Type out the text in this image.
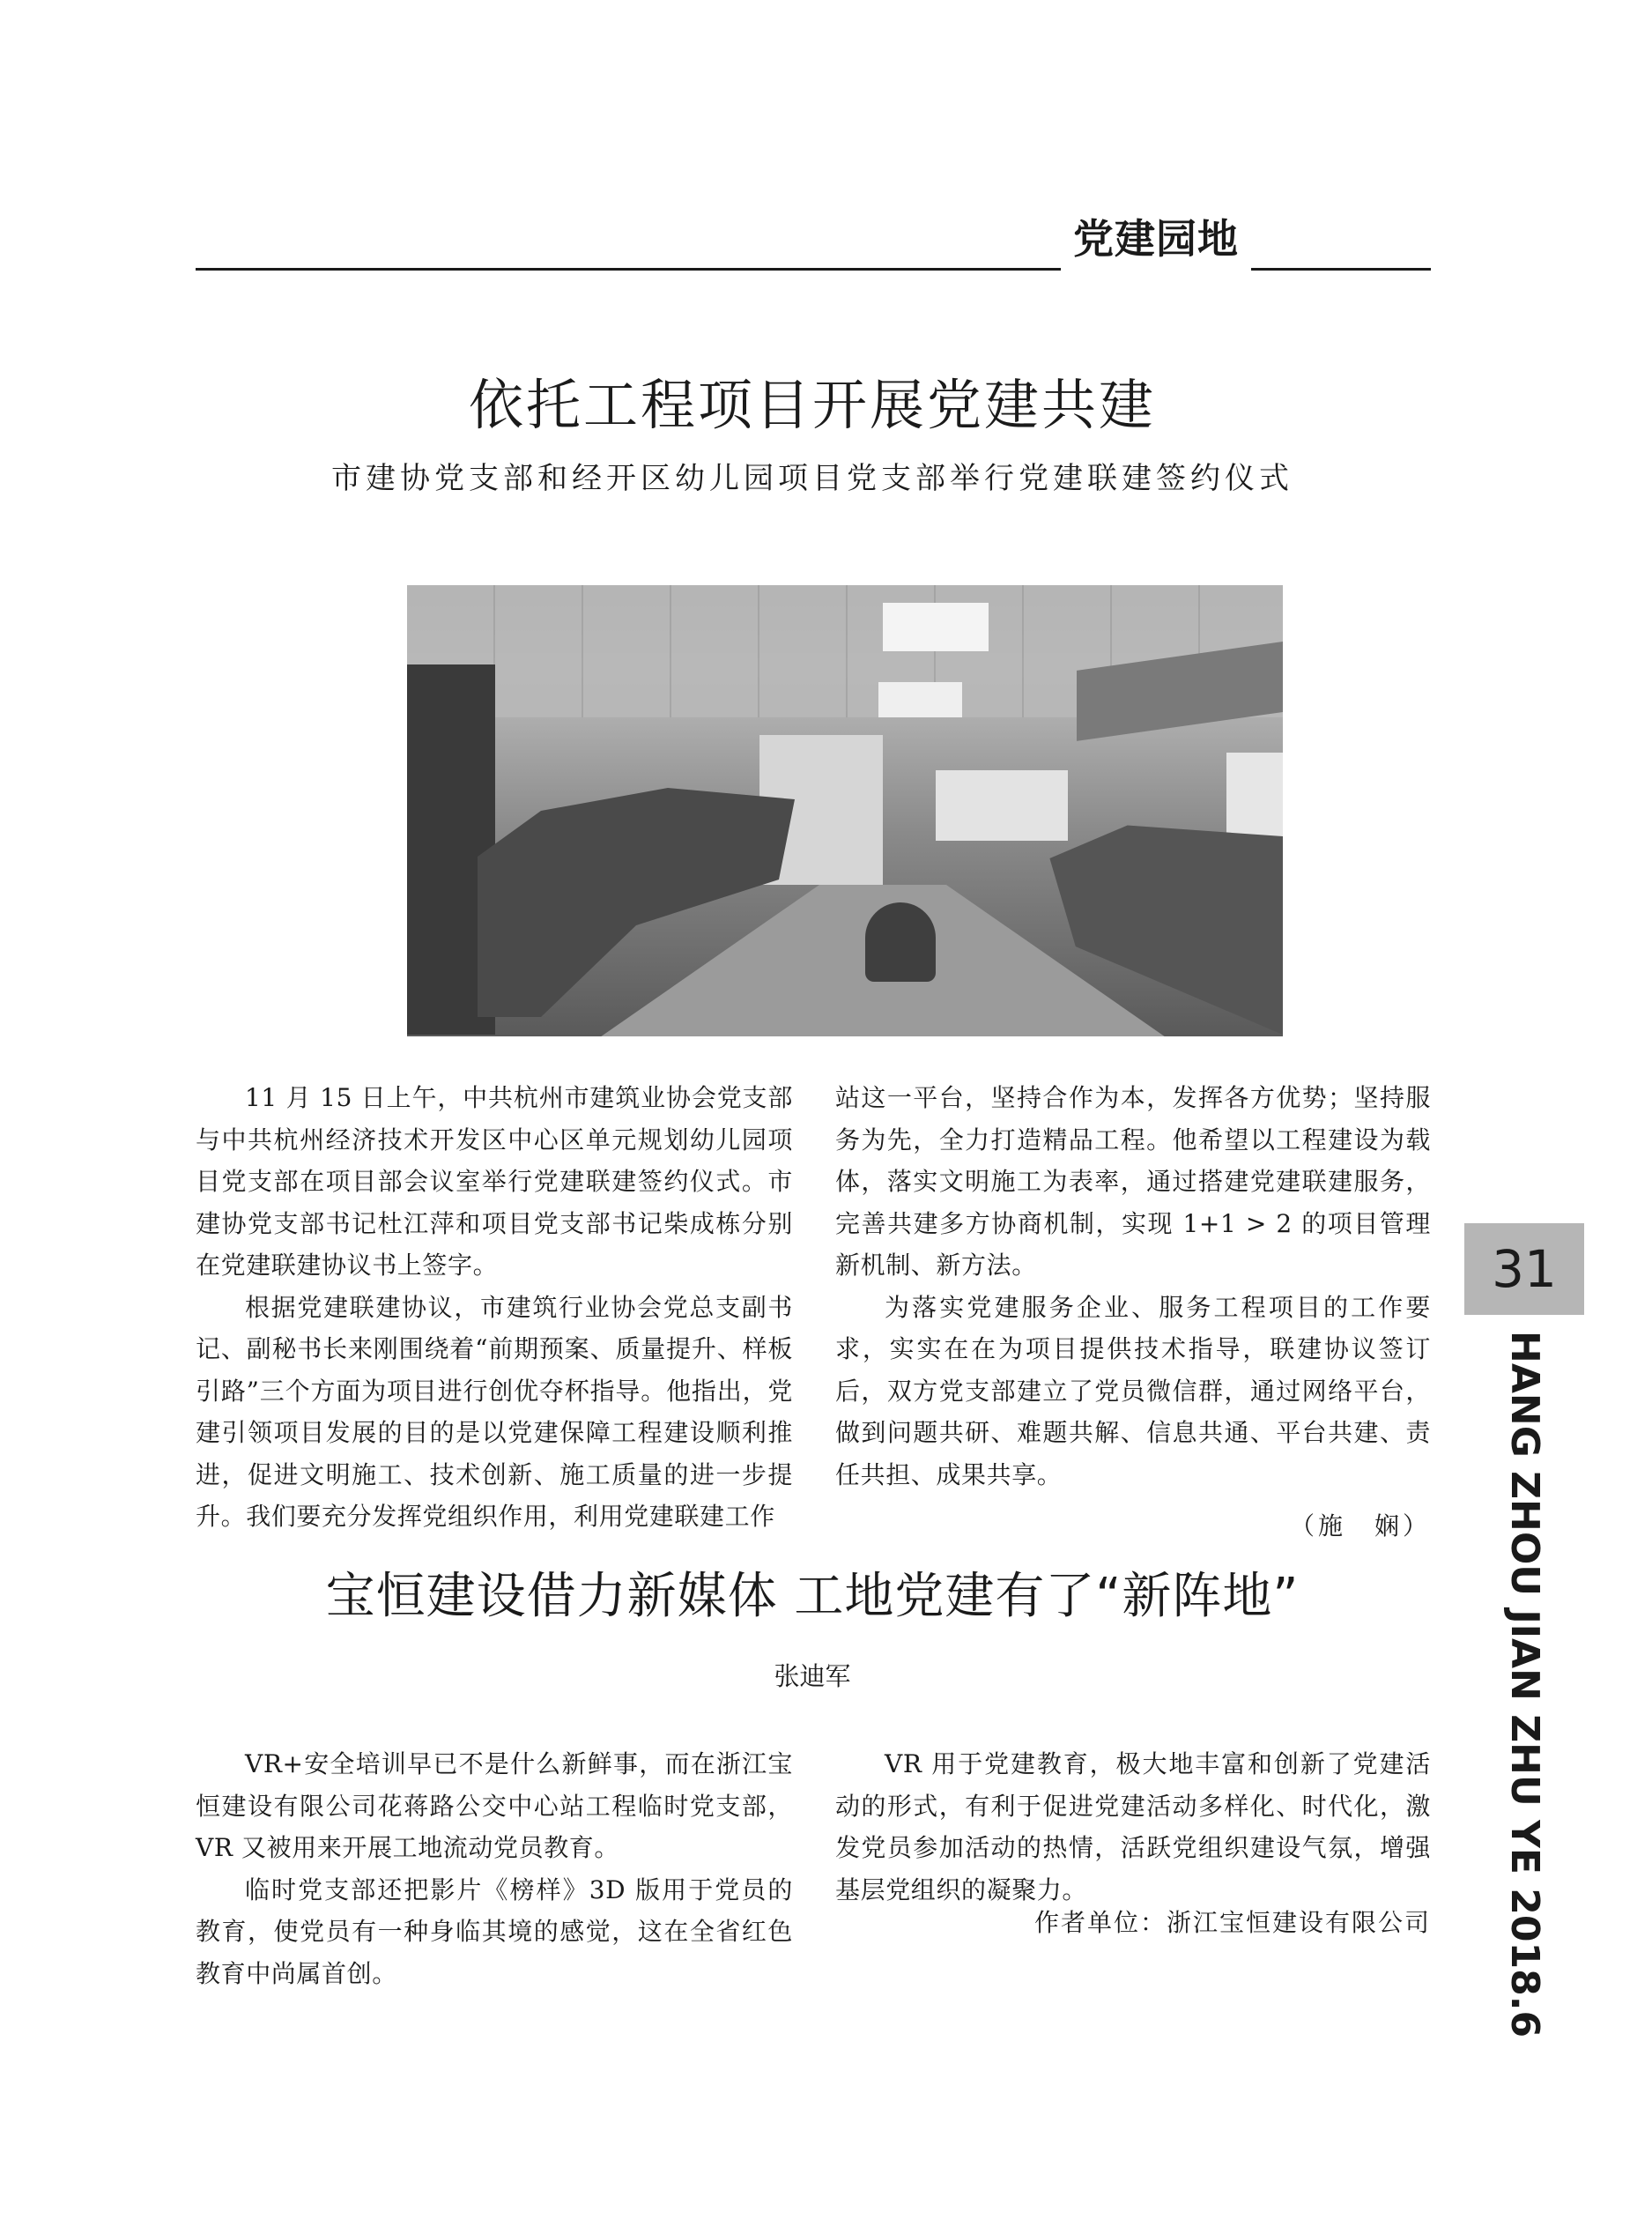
党建园地
依托工程项目开展党建共建
市建协党支部和经开区幼儿园项目党支部举行党建联建签约仪式

11 月 15 日上午，中共杭州市建筑业协会党支部与中共杭州经济技术开发区中心区单元规划幼儿园项目党支部在项目部会议室举行党建联建签约仪式。市建协党支部书记杜江萍和项目党支部书记柴成栋分别在党建联建协议书上签字。

根据党建联建协议，市建筑行业协会党总支副书记、副秘书长来刚围绕着“前期预案、质量提升、样板引路”三个方面为项目进行创优夺杯指导。他指出，党建引领项目发展的目的是以党建保障工程建设顺利推进，促进文明施工、技术创新、施工质量的进一步提升。我们要充分发挥党组织作用，利用党建联建工作

站这一平台，坚持合作为本，发挥各方优势；坚持服务为先，全力打造精品工程。他希望以工程建设为载体，落实文明施工为表率，通过搭建党建联建服务，完善共建多方协商机制，实现 1+1 > 2 的项目管理新机制、新方法。

为落实党建服务企业、服务工程项目的工作要求，实实在在为项目提供技术指导，联建协议签订后，双方党支部建立了党员微信群，通过网络平台，做到问题共研、难题共解、信息共通、平台共建、责任共担、成果共享。

（施　娴）
宝恒建设借力新媒体 工地党建有了“新阵地”
张迪军

VR+安全培训早已不是什么新鲜事，而在浙江宝恒建设有限公司花蒋路公交中心站工程临时党支部，VR 又被用来开展工地流动党员教育。

临时党支部还把影片《榜样》3D 版用于党员的教育，使党员有一种身临其境的感觉，这在全省红色教育中尚属首创。

VR 用于党建教育，极大地丰富和创新了党建活动的形式，有利于促进党建活动多样化、时代化，激发党员参加活动的热情，活跃党组织建设气氛，增强基层党组织的凝聚力。

作者单位：浙江宝恒建设有限公司
31
HANG ZHOU JIAN ZHU YE 2018.6
